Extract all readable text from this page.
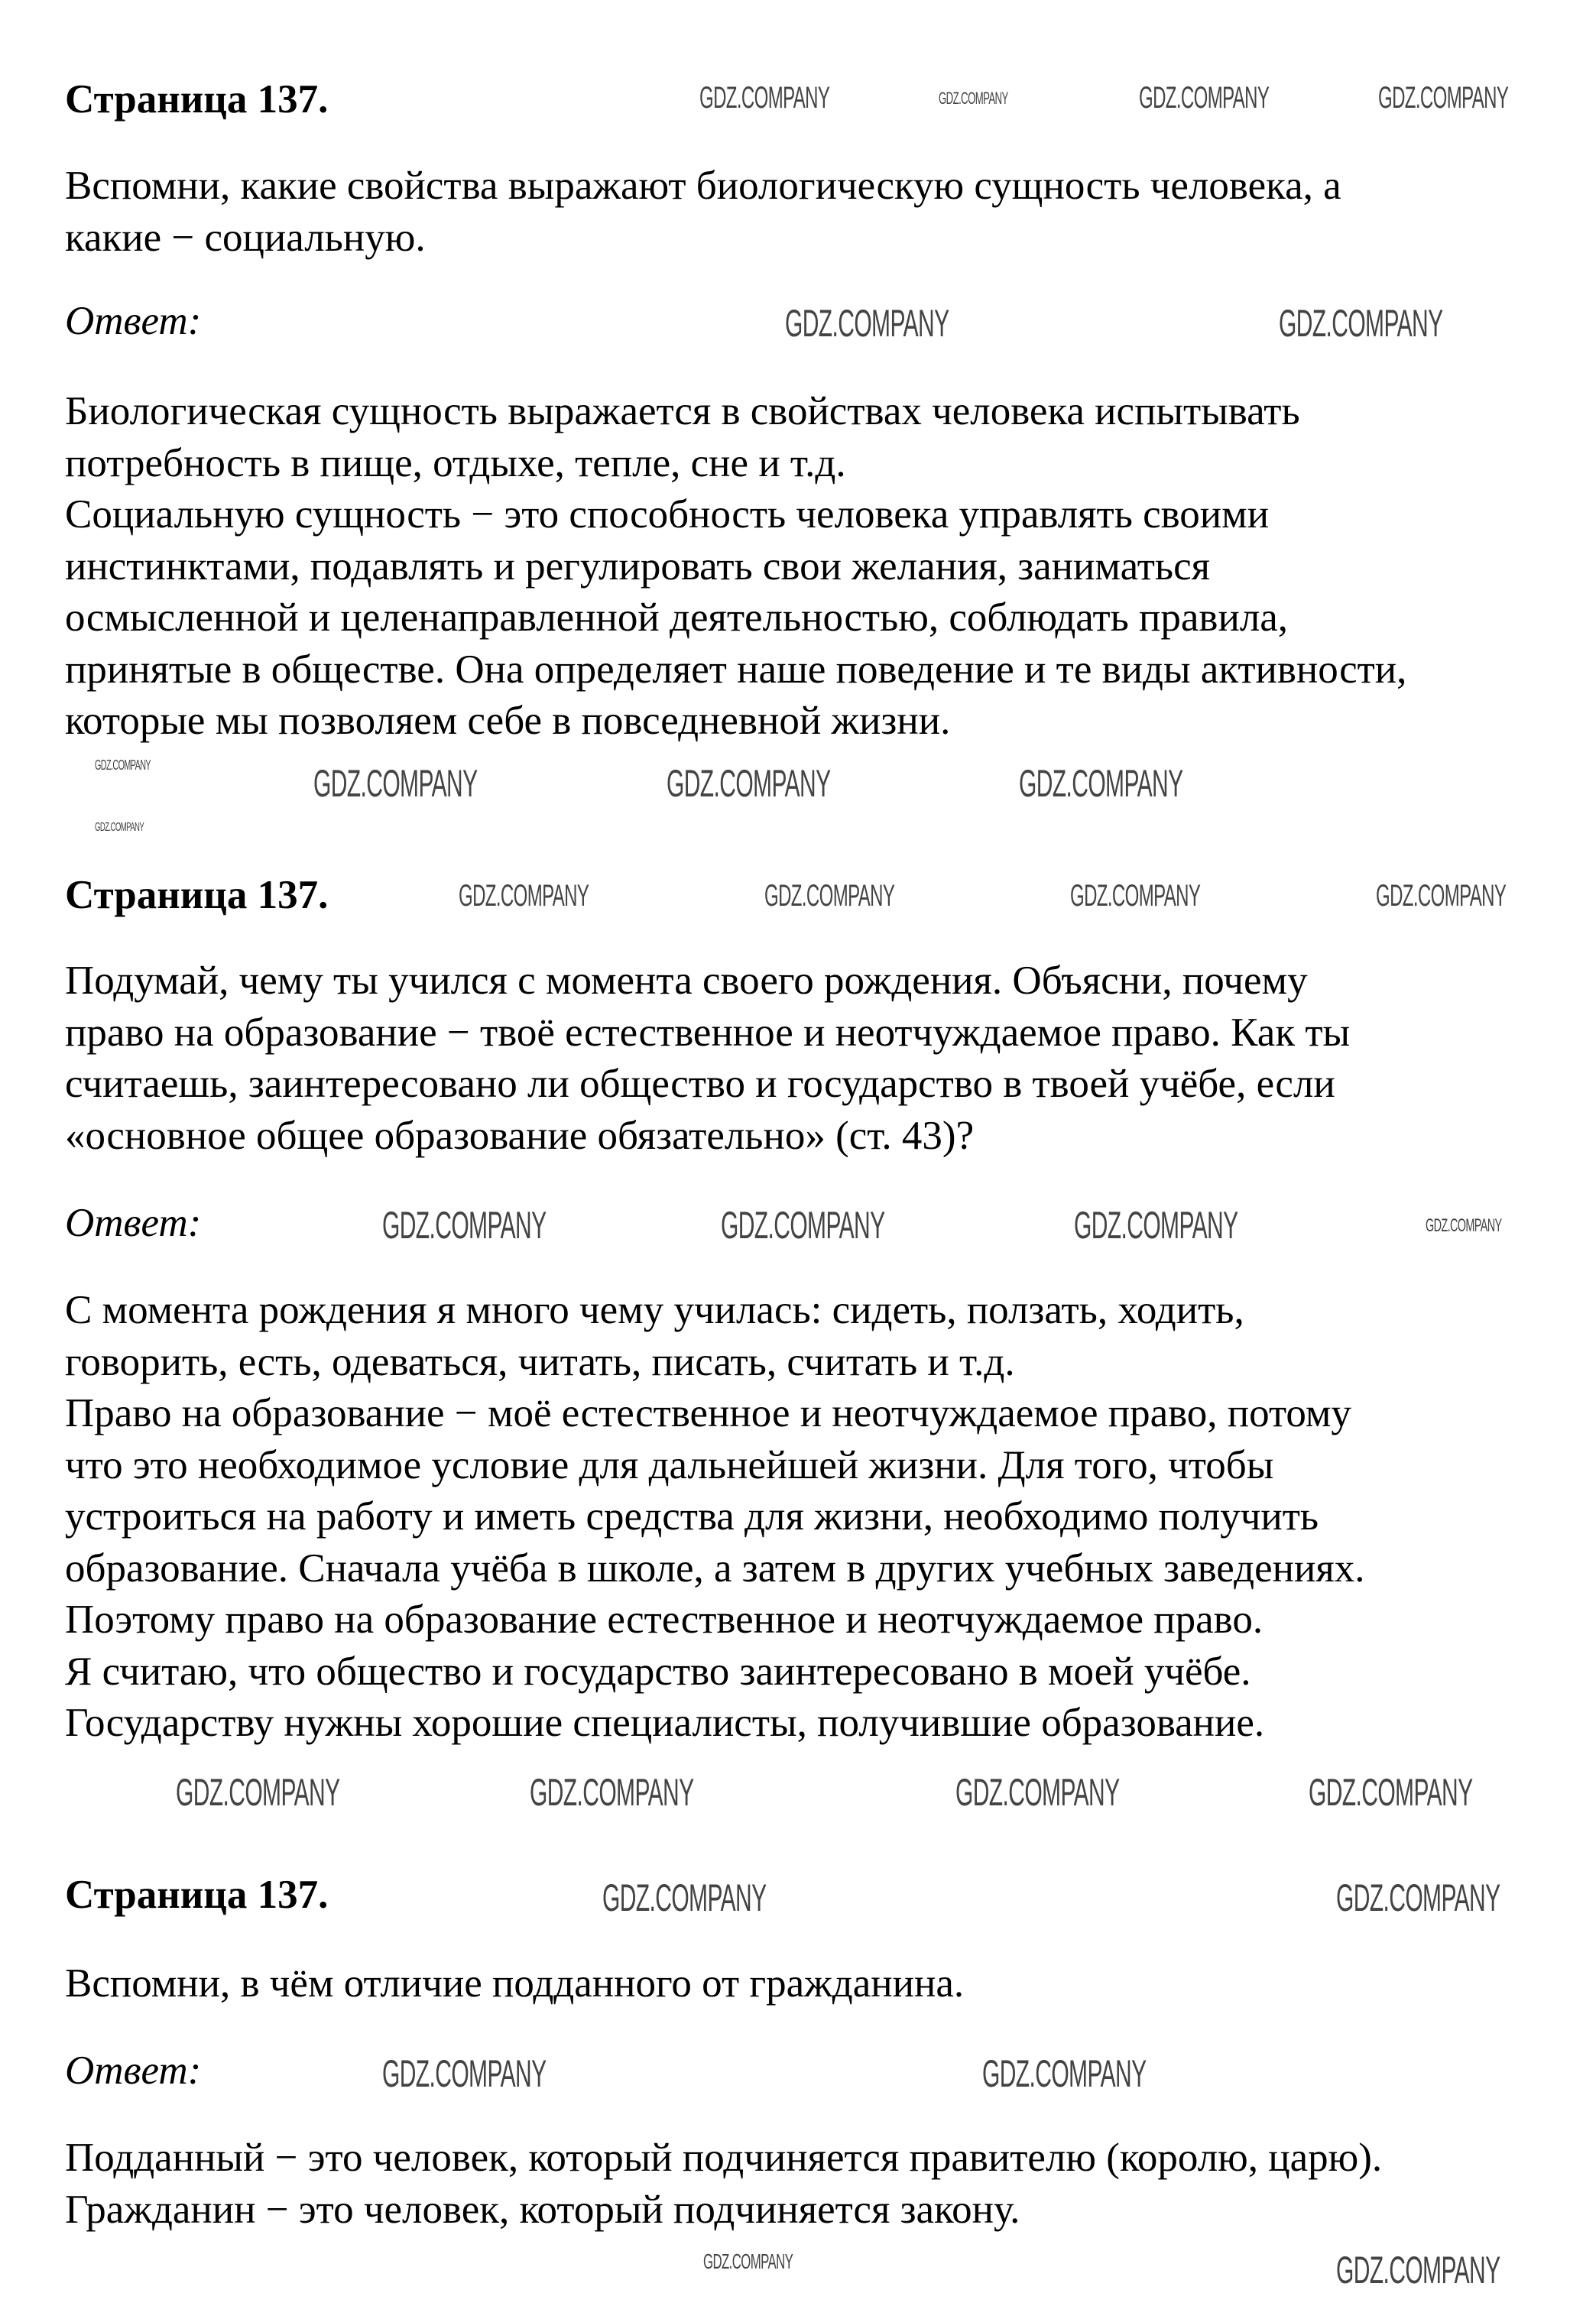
Страница 137.
Вспомни, какие свойства выражают биологическую сущность человека, а
какие − социальную.
Ответ:
Биологическая сущность выражается в свойствах человека испытывать
потребность в пище, отдыхе, тепле, сне и т.д.
Социальную сущность − это способность человека управлять своими
инстинктами, подавлять и регулировать свои желания, заниматься
осмысленной и целенаправленной деятельностью, соблюдать правила,
принятые в обществе. Она определяет наше поведение и те виды активности,
которые мы позволяем себе в повседневной жизни.
Страница 137.
Подумай, чему ты учился с момента своего рождения. Объясни, почему
право на образование − твоё естественное и неотчуждаемое право. Как ты
считаешь, заинтересовано ли общество и государство в твоей учёбе, если
«основное общее образование обязательно» (ст. 43)?
Ответ:
С момента рождения я много чему училась: сидеть, ползать, ходить,
говорить, есть, одеваться, читать, писать, считать и т.д.
Право на образование − моё естественное и неотчуждаемое право, потому
что это необходимое условие для дальнейшей жизни. Для того, чтобы
устроиться на работу и иметь средства для жизни, необходимо получить
образование. Сначала учёба в школе, а затем в других учебных заведениях.
Поэтому право на образование естественное и неотчуждаемое право.
Я считаю, что общество и государство заинтересовано в моей учёбе.
Государству нужны хорошие специалисты, получившие образование.
Страница 137.
Вспомни, в чём отличие подданного от гражданина.
Ответ:
Подданный − это человек, который подчиняется правителю (королю, царю).
Гражданин − это человек, который подчиняется закону.
GDZ.COMPANY	GDZ.COMPANY	GDZ.COMPANY	GDZ.COMPANY
GDZ.COMPANY	GDZ.COMPANY
GDZ.COMPANY	GDZ.COMPANY	GDZ.COMPANY	GDZ.COMPANY
GDZ.COMPANY
GDZ.COMPANY	GDZ.COMPANY	GDZ.COMPANY	GDZ.COMPANY
GDZ.COMPANY	GDZ.COMPANY	GDZ.COMPANY	GDZ.COMPANY
GDZ.COMPANY	GDZ.COMPANY	GDZ.COMPANY	GDZ.COMPANY
GDZ.COMPANY	GDZ.COMPANY
GDZ.COMPANY	GDZ.COMPANY
GDZ.COMPANY	GDZ.COMPANY
